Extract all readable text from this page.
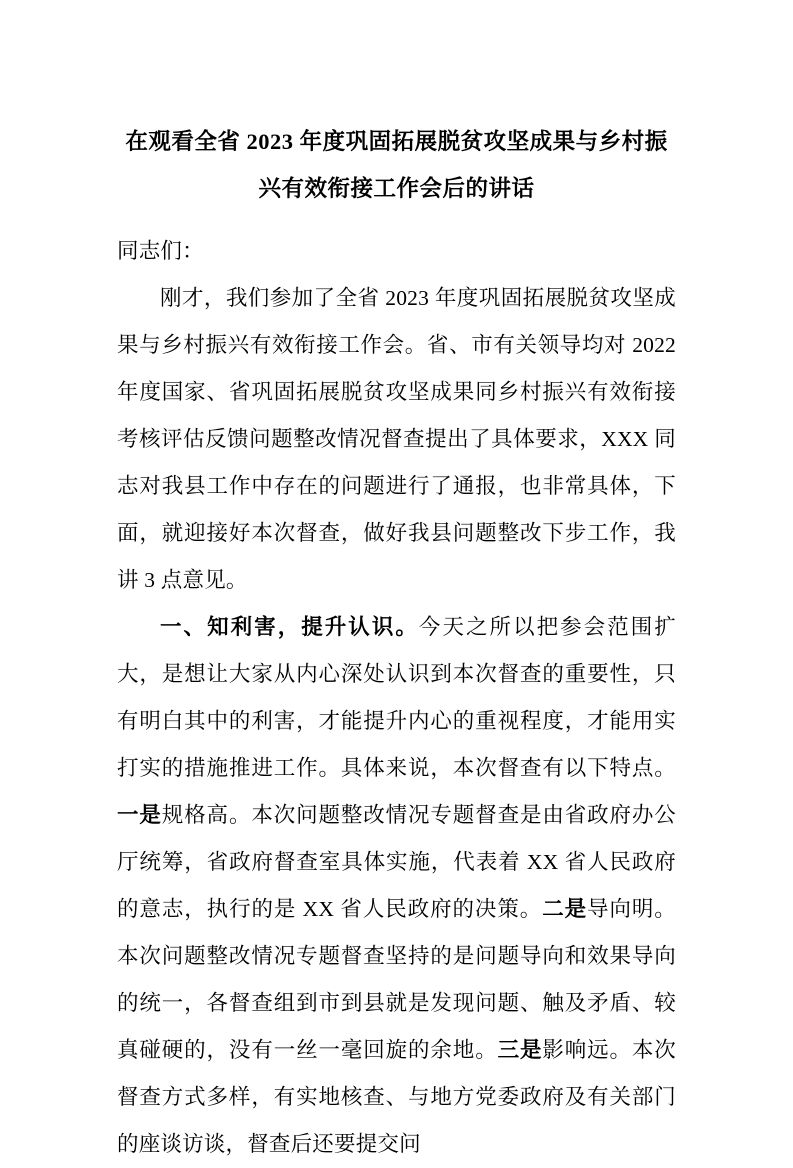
在观看全省 2023 年度巩固拓展脱贫攻坚成果与乡村振兴有效衔接工作会后的讲话

同志们：

刚才，我们参加了全省 2023 年度巩固拓展脱贫攻坚成果与乡村振兴有效衔接工作会。省、市有关领导均对 2022 年度国家、省巩固拓展脱贫攻坚成果同乡村振兴有效衔接考核评估反馈问题整改情况督查提出了具体要求，XXX 同志对我县工作中存在的问题进行了通报，也非常具体，下面，就迎接好本次督查，做好我县问题整改下步工作，我讲 3 点意见。

一、知利害，提升认识。今天之所以把参会范围扩大，是想让大家从内心深处认识到本次督查的重要性，只有明白其中的利害，才能提升内心的重视程度，才能用实打实的措施推进工作。具体来说，本次督查有以下特点。一是规格高。本次问题整改情况专题督查是由省政府办公厅统筹，省政府督查室具体实施，代表着 XX 省人民政府的意志，执行的是 XX 省人民政府的决策。二是导向明。本次问题整改情况专题督查坚持的是问题导向和效果导向的统一，各督查组到市到县就是发现问题、触及矛盾、较真碰硬的，没有一丝一毫回旋的余地。三是影响远。本次督查方式多样，有实地核查、与地方党委政府及有关部门的座谈访谈，督查后还要提交问
